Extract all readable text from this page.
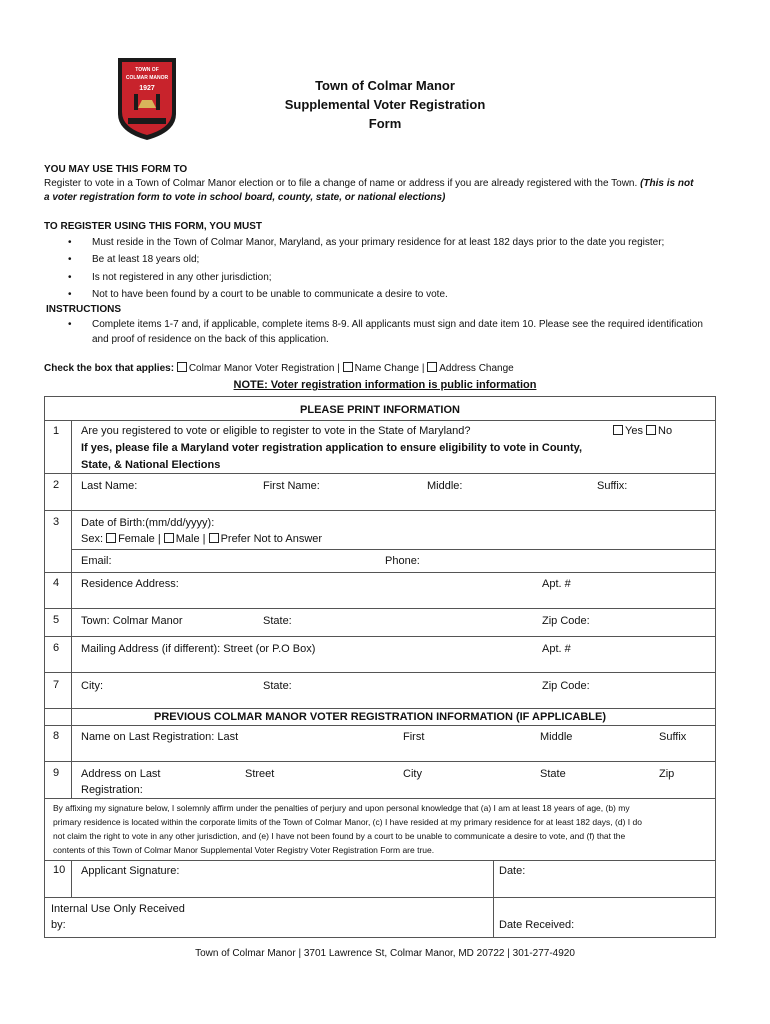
TOWN OF
COLMAR MANOR
1927	Town of Colmar Manor
Supplemental Voter Registration
Form
YOU MAY USE THIS FORM TO
Register to vote in a Town of Colmar Manor election or to file a change of name or address if you are already registered with the Town. (This is not
a voter registration form to vote in school board, county, state, or national elections)
TO REGISTER USING THIS FORM, YOU MUST
• Must reside in the Town of Colmar Manor, Maryland, as your primary residence for at least 182 days prior to the date you register;
• Be at least 18 years old;
• Is not registered in any other jurisdiction;
• Not to have been found by a court to be unable to communicate a desire to vote.
INSTRUCTIONS
• Complete items 1-7 and, if applicable, complete items 8-9. All applicants must sign and date item 10. Please see the required identification
and proof of residence on the back of this application.
Check the box that applies: Colmar Manor Voter Registration | Name Change | Address Change
NOTE: Voter registration information is public information
PLEASE PRINT INFORMATION
1 Are you registered to vote or eligible to register to vote in the State of Maryland?	Yes No
If yes, please file a Maryland voter registration application to ensure eligibility to vote in County,
State, & National Elections
2 Last Name:	First Name:	Middle:	Suffix:
3 Date of Birth:(mm/dd/yyyy):
Sex: Female | Male | Prefer Not to Answer
Email:	Phone:
4 Residence Address:	Apt. #
5 Town: Colmar Manor	State:	Zip Code:
6 Mailing Address (if different): Street (or P.O Box)	Apt. #
7 City:	State:	Zip Code:
PREVIOUS COLMAR MANOR VOTER REGISTRATION INFORMATION (IF APPLICABLE)
8 Name on Last Registration: Last	First	Middle	Suffix
9 Address on Last
Registration:
Street	City	State	Zip
By affixing my signature below, I solemnly affirm under the penalties of perjury and upon personal knowledge that (a) I am at least 18 years of age, (b) my
primary residence is located within the corporate limits of the Town of Colmar Manor, (c) I have resided at my primary residence for at least 182 days, (d) I do
not claim the right to vote in any other jurisdiction, and (e) I have not been found by a court to be unable to communicate a desire to vote, and (f) that the
contents of this Town of Colmar Manor Supplemental Voter Registry Voter Registration Form are true.
10 Applicant Signature:	Date:
Internal Use Only Received
by:	Date Received:
Town of Colmar Manor | 3701 Lawrence St, Colmar Manor, MD 20722 | 301-277-4920
